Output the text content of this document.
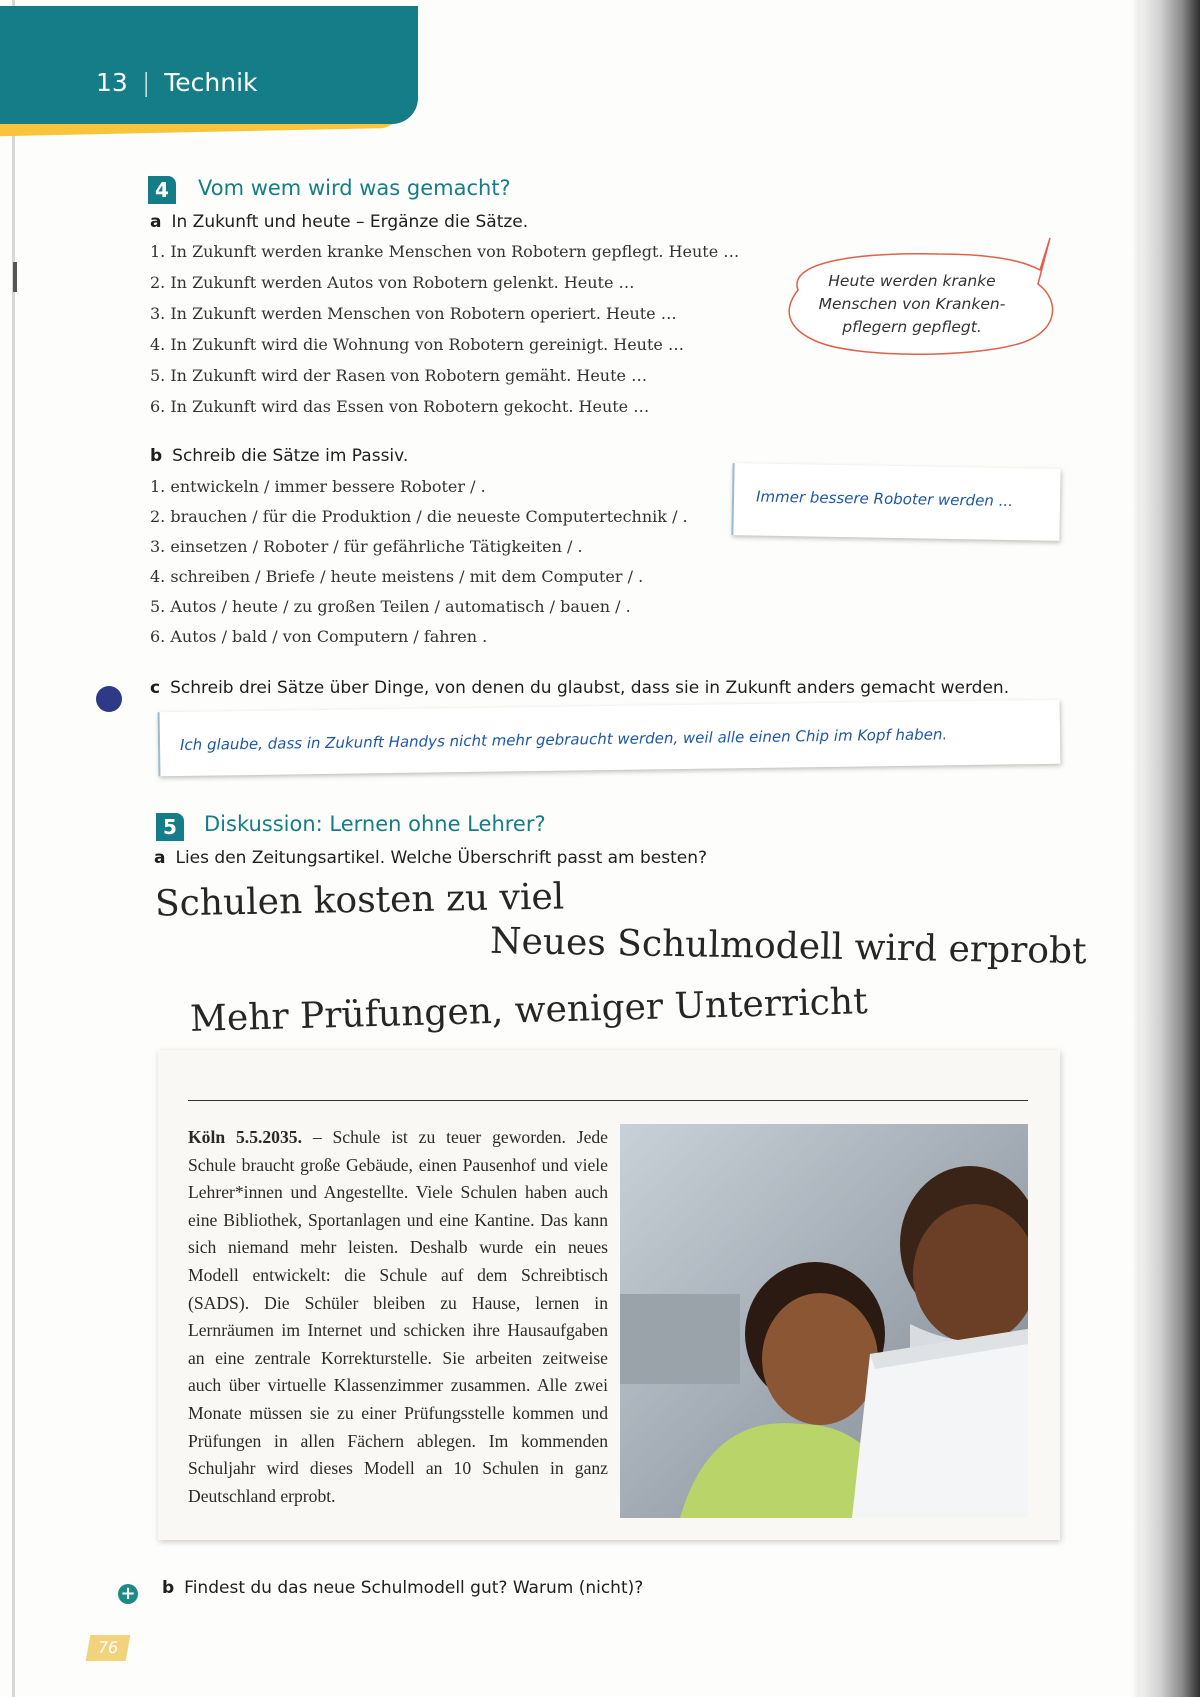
13 | Technik
4	Vom wem wird was gemacht?
a In Zukunft und heute – Ergänze die Sätze.
1. In Zukunft werden kranke Menschen von Robotern gepflegt. Heute …
2. In Zukunft werden Autos von Robotern gelenkt. Heute …
3. In Zukunft werden Menschen von Robotern operiert. Heute …
4. In Zukunft wird die Wohnung von Robotern gereinigt. Heute …
5. In Zukunft wird der Rasen von Robotern gemäht. Heute …
6. In Zukunft wird das Essen von Robotern gekocht. Heute …
Heute werden kranke Menschen von Kranken-pflegern gepflegt.
b Schreib die Sätze im Passiv.
1. entwickeln / immer bessere Roboter / .
2. brauchen / für die Produktion / die neueste Computertechnik / .
3. einsetzen / Roboter / für gefährliche Tätigkeiten / .
4. schreiben / Briefe / heute meistens / mit dem Computer / .
5. Autos / heute / zu großen Teilen / automatisch / bauen / .
6. Autos / bald / von Computern / fahren .
Immer bessere Roboter werden ...
c Schreib drei Sätze über Dinge, von denen du glaubst, dass sie in Zukunft anders gemacht werden.
Ich glaube, dass in Zukunft Handys nicht mehr gebraucht werden, weil alle einen Chip im Kopf haben.
5	Diskussion: Lernen ohne Lehrer?
a Lies den Zeitungsartikel. Welche Überschrift passt am besten?
Schulen kosten zu viel
Neues Schulmodell wird erprobt
Mehr Prüfungen, weniger Unterricht
Köln 5.5.2035. – Schule ist zu teuer geworden. Jede Schule braucht große Gebäude, einen Pausenhof und viele Lehrer*innen und Angestellte. Viele Schulen haben auch eine Bibliothek, Sportanlagen und eine Kantine. Das kann sich niemand mehr leisten. Deshalb wurde ein neues Modell entwickelt: die Schule auf dem Schreibtisch (SADS). Die Schüler bleiben zu Hause, lernen in Lernräumen im Internet und schicken ihre Hausaufgaben an eine zentrale Korrekturstelle. Sie arbeiten zeitweise auch über virtuelle Klassenzimmer zusammen. Alle zwei Monate müssen sie zu einer Prüfungsstelle kommen und Prüfungen in allen Fächern ablegen. Im kommenden Schuljahr wird dieses Modell an 10 Schulen in ganz Deutschland erprobt.
+ b Findest du das neue Schulmodell gut? Warum (nicht)?
76
